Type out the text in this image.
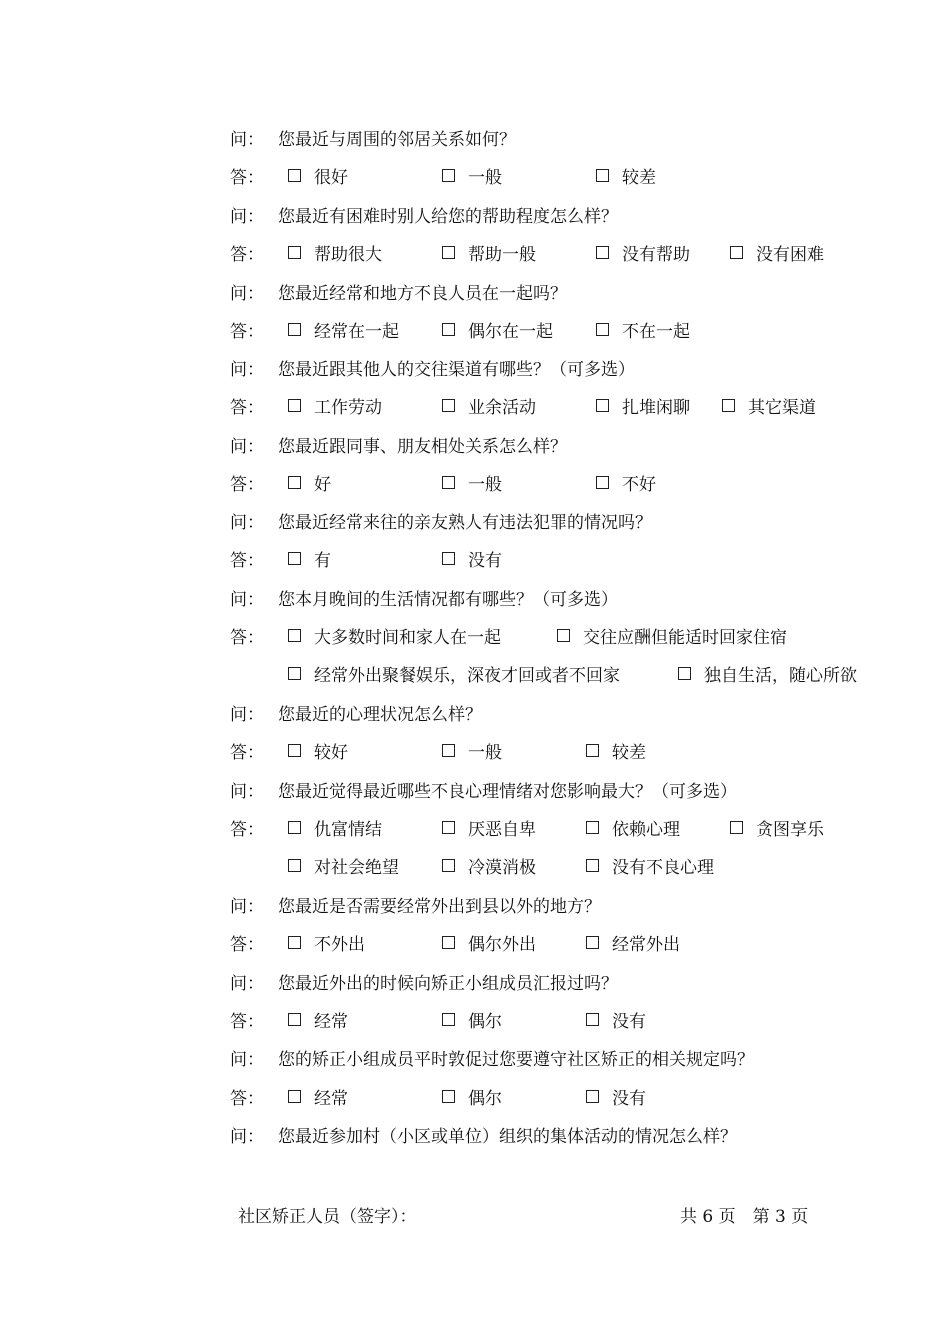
问： 您最近与周围的邻居关系如何？
答：	很好	一般	较差
问： 您最近有困难时别人给您的帮助程度怎么样？
答：	帮助很大	帮助一般	没有帮助	没有困难
问： 您最近经常和地方不良人员在一起吗？
答：	经常在一起	偶尔在一起	不在一起
问： 您最近跟其他人的交往渠道有哪些？（可多选）
答：	工作劳动	业余活动	扎堆闲聊	其它渠道
问： 您最近跟同事、朋友相处关系怎么样？
答：	好	一般	不好
问： 您最近经常来往的亲友熟人有违法犯罪的情况吗？
答：	有	没有
问： 您本月晚间的生活情况都有哪些？（可多选）
答：	大多数时间和家人在一起	交往应酬但能适时回家住宿
经常外出聚餐娱乐，深夜才回或者不回家	独自生活，随心所欲
问： 您最近的心理状况怎么样？
答：	较好	一般	较差
问： 您最近觉得最近哪些不良心理情绪对您影响最大？（可多选）
答：	仇富情结	厌恶自卑	依赖心理	贪图享乐
对社会绝望	冷漠消极	没有不良心理
问： 您最近是否需要经常外出到县以外的地方？
答：	不外出	偶尔外出	经常外出
问： 您最近外出的时候向矫正小组成员汇报过吗？
答：	经常	偶尔	没有
问： 您的矫正小组成员平时敦促过您要遵守社区矫正的相关规定吗？
答：	经常	偶尔	没有
问： 您最近参加村（小区或单位）组织的集体活动的情况怎么样？
社区矫正人员（签字）：	共 6 页　第 3 页
